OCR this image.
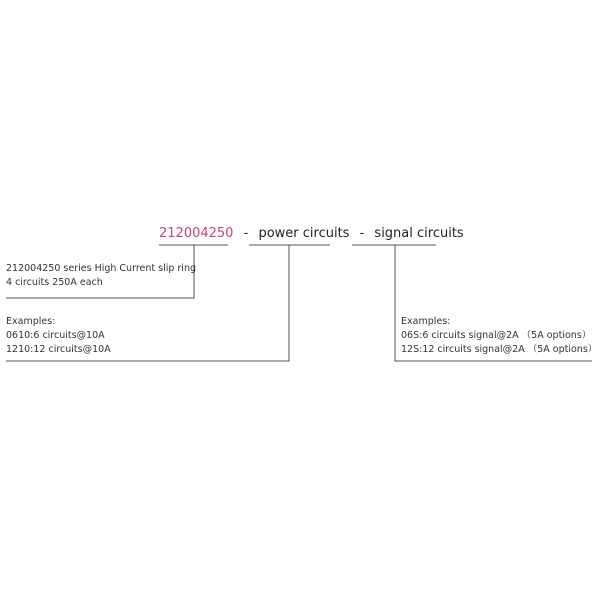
212004250 - power circuits - signal circuits
212004250 series High Current slip ring
4 circuits 250A each
Examples:
0610:6 circuits@10A
1210:12 circuits@10A
Examples:
06S:6 circuits signal@2A （5A options）
12S:12 circuits signal@2A （5A options）
